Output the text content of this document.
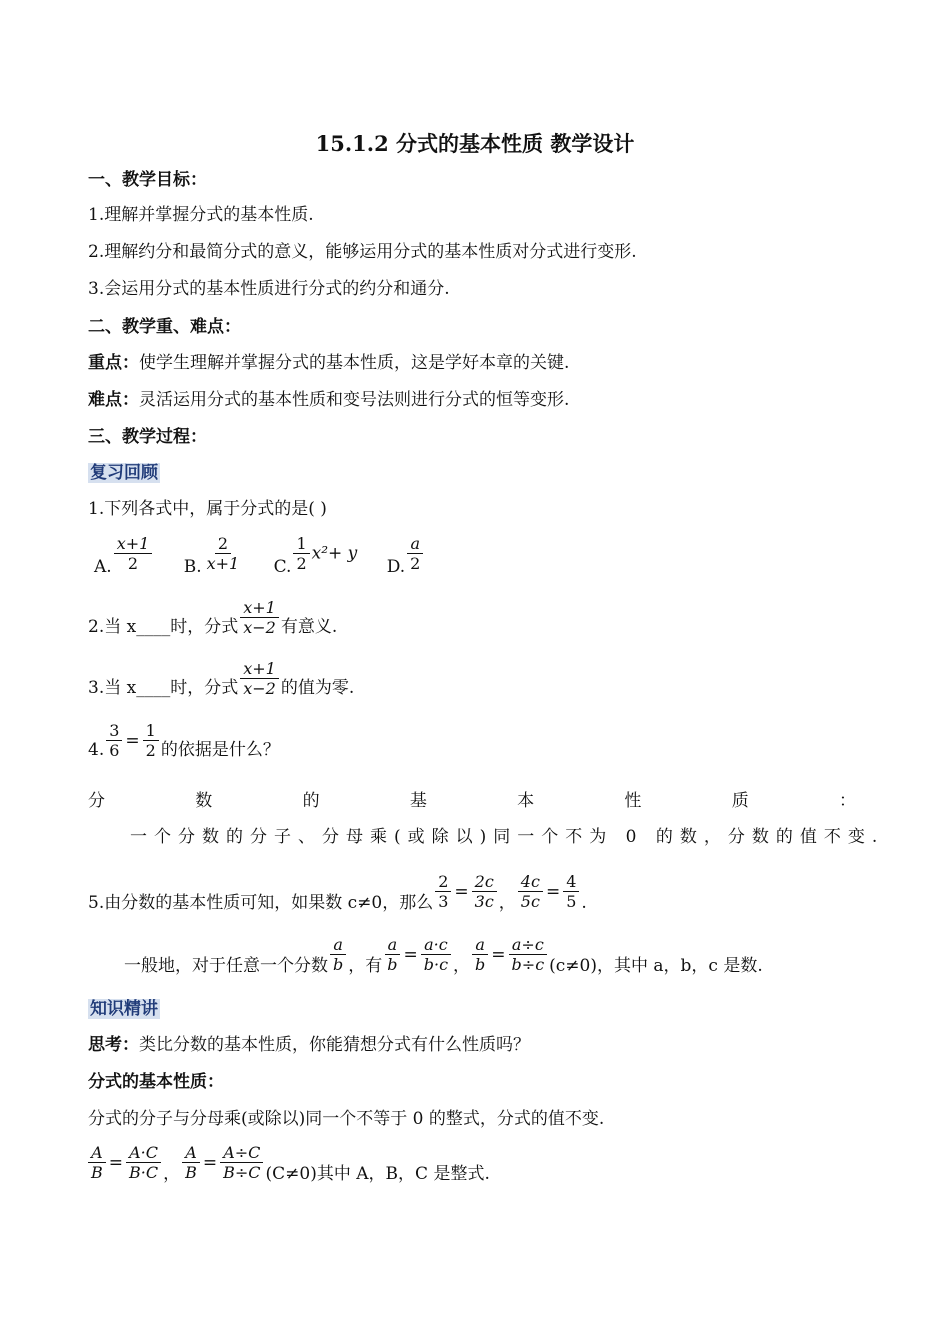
15.1.2 分式的基本性质 教学设计
一、教学目标：
1.理解并掌握分式的基本性质.
2.理解约分和最简分式的意义，能够运用分式的基本性质对分式进行变形.
3.会运用分式的基本性质进行分式的约分和通分.
二、教学重、难点：
重点：使学生理解并掌握分式的基本性质，这是学好本章的关键.
难点：灵活运用分式的基本性质和变号法则进行分式的恒等变形.
三、教学过程：
复习回顾
1.下列各式中，属于分式的是( )
A. $\frac{x+1}{2} B$. $\frac{2}{x+1} C$. $\frac{1}{2} x^2+ y$ D. $\frac{a}{2}$
2.当 x____时，分式 $\frac{x+1}{x-2}$ 有意义.
3.当 x____时，分式 $\frac{x+1}{x-2}$ 的值为零.
4. $\frac{3}{6} = \frac{1}{2}$ 的依据是什么？
分	数	的	基	本	性	质	：
一个分数的分子、分母乘(或除以)同一个不为 0 的数，分数的值不变.
5.由分数的基本性质可知，如果数 c≠0，那么 $\frac{2}{3} = \frac{2c}{3c}$ ， $\frac{4c}{5c} = \frac{4}{5}$ .
一般地，对于任意一个分数 $\frac{a}{b}$ ，有 $\frac{a}{b} = \frac{a\cdot c}{b\cdot c}$ ， $\frac{a}{b} = \frac{a\div c}{b\div c} (c\ne 0)$，其中 a，b，c 是数.
知识精讲
思考：类比分数的基本性质，你能猜想分式有什么性质吗？
分式的基本性质：
分式的分子与分母乘(或除以)同一个不等于 0 的整式，分式的值不变.
$\frac{A}{B} = \frac{A\cdot C}{B\cdot C}$ ， $\frac{A}{B} = \frac{A\div C}{B\div C} (C\ne 0)$其中 A，B，C 是整式.
